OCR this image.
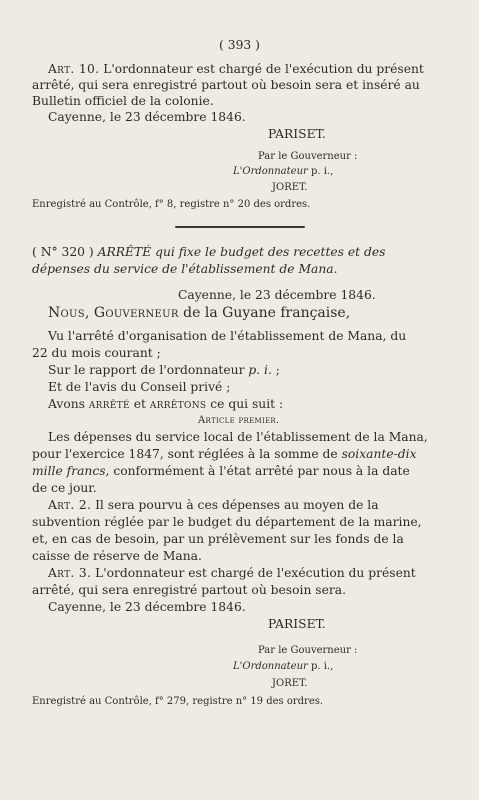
( 393 )
Art. 10. L'ordonnateur est chargé de l'exécution du présent
arrêté, qui sera enregistré partout où besoin sera et inséré au
Bulletin officiel de la colonie.
Cayenne, le 23 décembre 1846.
PARISET.
Par le Gouverneur :
L'Ordonnateur p. i.,
JORET.
Enregistré au Contrôle, f° 8, registre n° 20 des ordres.
( N° 320 ) ARRÊTÉ qui fixe le budget des recettes et des
dépenses du service de l'établissement de Mana.
Cayenne, le 23 décembre 1846.
Nous, Gouverneur de la Guyane française,
Vu l'arrêté d'organisation de l'établissement de Mana, du
22 du mois courant ;
Sur le rapport de l'ordonnateur p. i. ;
Et de l'avis du Conseil privé ;
Avons arrêté et arrêtons ce qui suit :
Article premier.
Les dépenses du service local de l'établissement de la Mana,
pour l'exercice 1847, sont réglées à la somme de soixante-dix
mille francs, conformément à l'état arrêté par nous à la date
de ce jour.
Art. 2. Il sera pourvu à ces dépenses au moyen de la
subvention réglée par le budget du département de la marine,
et, en cas de besoin, par un prélèvement sur les fonds de la
caisse de réserve de Mana.
Art. 3. L'ordonnateur est chargé de l'exécution du présent
arrêté, qui sera enregistré partout où besoin sera.
Cayenne, le 23 décembre 1846.
PARISET.
Par le Gouverneur :
L'Ordonnateur p. i.,
JORET.
Enregistré au Contrôle, f° 279, registre n° 19 des ordres.
